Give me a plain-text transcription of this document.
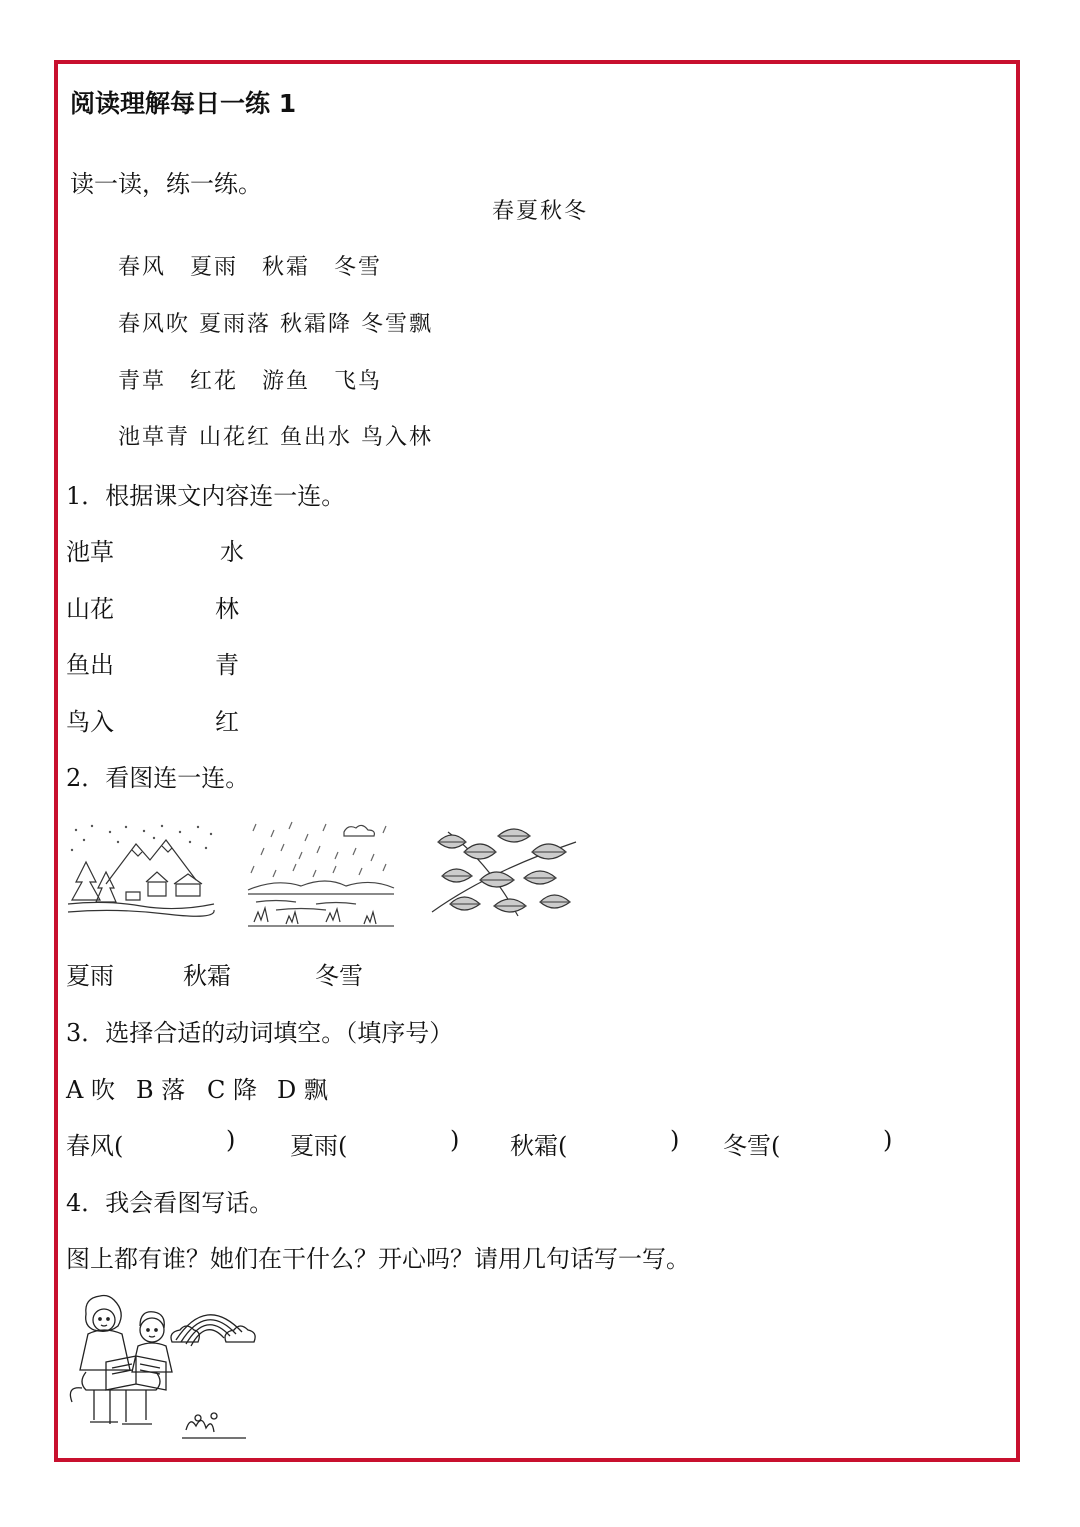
阅读理解每日一练 1
读一读，练一练。
春夏秋冬
春风　夏雨　秋霜　冬雪
春风吹 夏雨落 秋霜降 冬雪飘
青草　红花　游鱼　飞鸟
池草青 山花红 鱼出水 鸟入林
1．根据课文内容连一连。
池草	水
山花	林
鱼出	青
鸟入	红
2．看图连一连。
夏雨	秋霜	冬雪
3．选择合适的动词填空。（填序号）
A 吹 B 落 C 降 D 飘
春风(	) 夏雨(	) 秋霜(	) 冬雪(	)
4．我会看图写话。
图上都有谁？她们在干什么？开心吗？请用几句话写一写。
